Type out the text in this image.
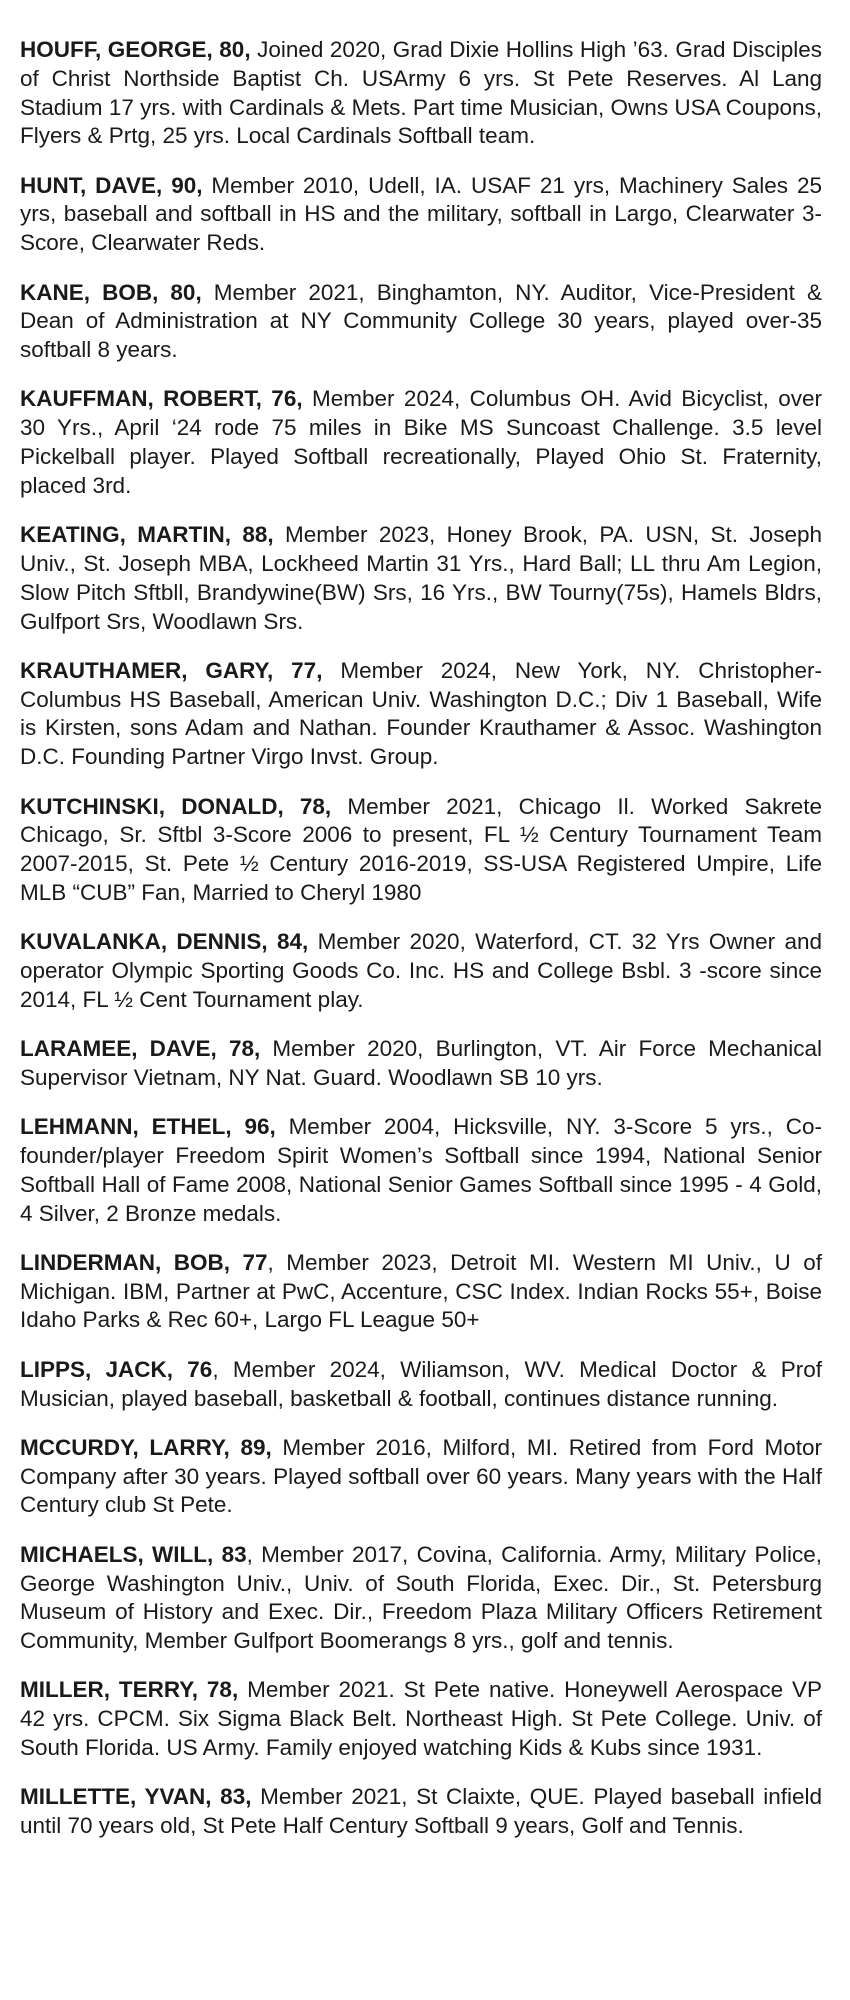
HOUFF, GEORGE, 80, Joined 2020, Grad Dixie Hollins High ’63. Grad Disciples of Christ Northside Baptist Ch. USArmy 6 yrs. St Pete Reserves. Al Lang Stadium 17 yrs. with Cardinals & Mets. Part time Musician, Owns USA Coupons, Flyers & Prtg, 25 yrs. Local Cardinals Softball team.

HUNT, DAVE, 90, Member 2010, Udell, IA. USAF 21 yrs, Machinery Sales 25 yrs, baseball and softball in HS and the military, softball in Largo, Clearwater 3-Score, Clearwater Reds.

KANE, BOB, 80, Member 2021, Binghamton, NY. Auditor, Vice-President & Dean of Administration at NY Community College 30 years, played over-35 softball 8 years.

KAUFFMAN, ROBERT, 76, Member 2024, Columbus OH. Avid Bicyclist, over 30 Yrs., April ‘24 rode 75 miles in Bike MS Suncoast Challenge. 3.5 level Pickelball player. Played Softball recreationally, Played Ohio St. Fraternity, placed 3rd.

KEATING, MARTIN, 88, Member 2023, Honey Brook, PA. USN, St. Joseph Univ., St. Joseph MBA, Lockheed Martin 31 Yrs., Hard Ball; LL thru Am Legion, Slow Pitch Sftbll, Brandywine(BW) Srs, 16 Yrs., BW Tourny(75s), Hamels Bldrs, Gulfport Srs, Woodlawn Srs.

KRAUTHAMER, GARY, 77, Member 2024, New York, NY. Christopher-Columbus HS Baseball, American Univ. Washington D.C.; Div 1 Baseball, Wife is Kirsten, sons Adam and Nathan. Founder Krauthamer & Assoc. Washington D.C. Founding Partner Virgo Invst. Group.

KUTCHINSKI, DONALD, 78, Member 2021, Chicago Il. Worked Sakrete Chicago, Sr. Sftbl 3-Score 2006 to present, FL ½ Century Tournament Team 2007-2015, St. Pete ½ Century 2016-2019, SS-USA Registered Umpire, Life MLB “CUB” Fan, Married to Cheryl 1980

KUVALANKA, DENNIS, 84, Member 2020, Waterford, CT. 32 Yrs Owner and operator Olympic Sporting Goods Co. Inc. HS and College Bsbl. 3 -score since 2014, FL ½ Cent Tournament play.

LARAMEE, DAVE, 78, Member 2020, Burlington, VT. Air Force Mechanical Supervisor Vietnam, NY Nat. Guard. Woodlawn SB 10 yrs.

LEHMANN, ETHEL, 96, Member 2004, Hicksville, NY. 3-Score 5 yrs., Co-founder/player Freedom Spirit Women’s Softball since 1994, National Senior Softball Hall of Fame 2008, National Senior Games Softball since 1995 - 4 Gold, 4 Silver, 2 Bronze medals.

LINDERMAN, BOB, 77, Member 2023, Detroit MI. Western MI Univ., U of Michigan. IBM, Partner at PwC, Accenture, CSC Index. Indian Rocks 55+, Boise Idaho Parks & Rec 60+, Largo FL League 50+

LIPPS, JACK, 76, Member 2024, Wiliamson, WV. Medical Doctor & Prof Musician, played baseball, basketball & football, continues distance running.

MCCURDY, LARRY, 89, Member 2016, Milford, MI. Retired from Ford Motor Company after 30 years. Played softball over 60 years. Many years with the Half Century club St Pete.

MICHAELS, WILL, 83, Member 2017, Covina, California. Army, Military Police, George Washington Univ., Univ. of South Florida, Exec. Dir., St. Petersburg Museum of History and Exec. Dir., Freedom Plaza Military Officers Retirement Community, Member Gulfport Boomerangs 8 yrs., golf and tennis.

MILLER, TERRY, 78, Member 2021. St Pete native. Honeywell Aerospace VP 42 yrs. CPCM. Six Sigma Black Belt. Northeast High. St Pete College. Univ. of South Florida. US Army. Family enjoyed watching Kids & Kubs since 1931.

MILLETTE, YVAN, 83, Member 2021, St Claixte, QUE. Played baseball infield until 70 years old, St Pete Half Century Softball 9 years, Golf and Tennis.
